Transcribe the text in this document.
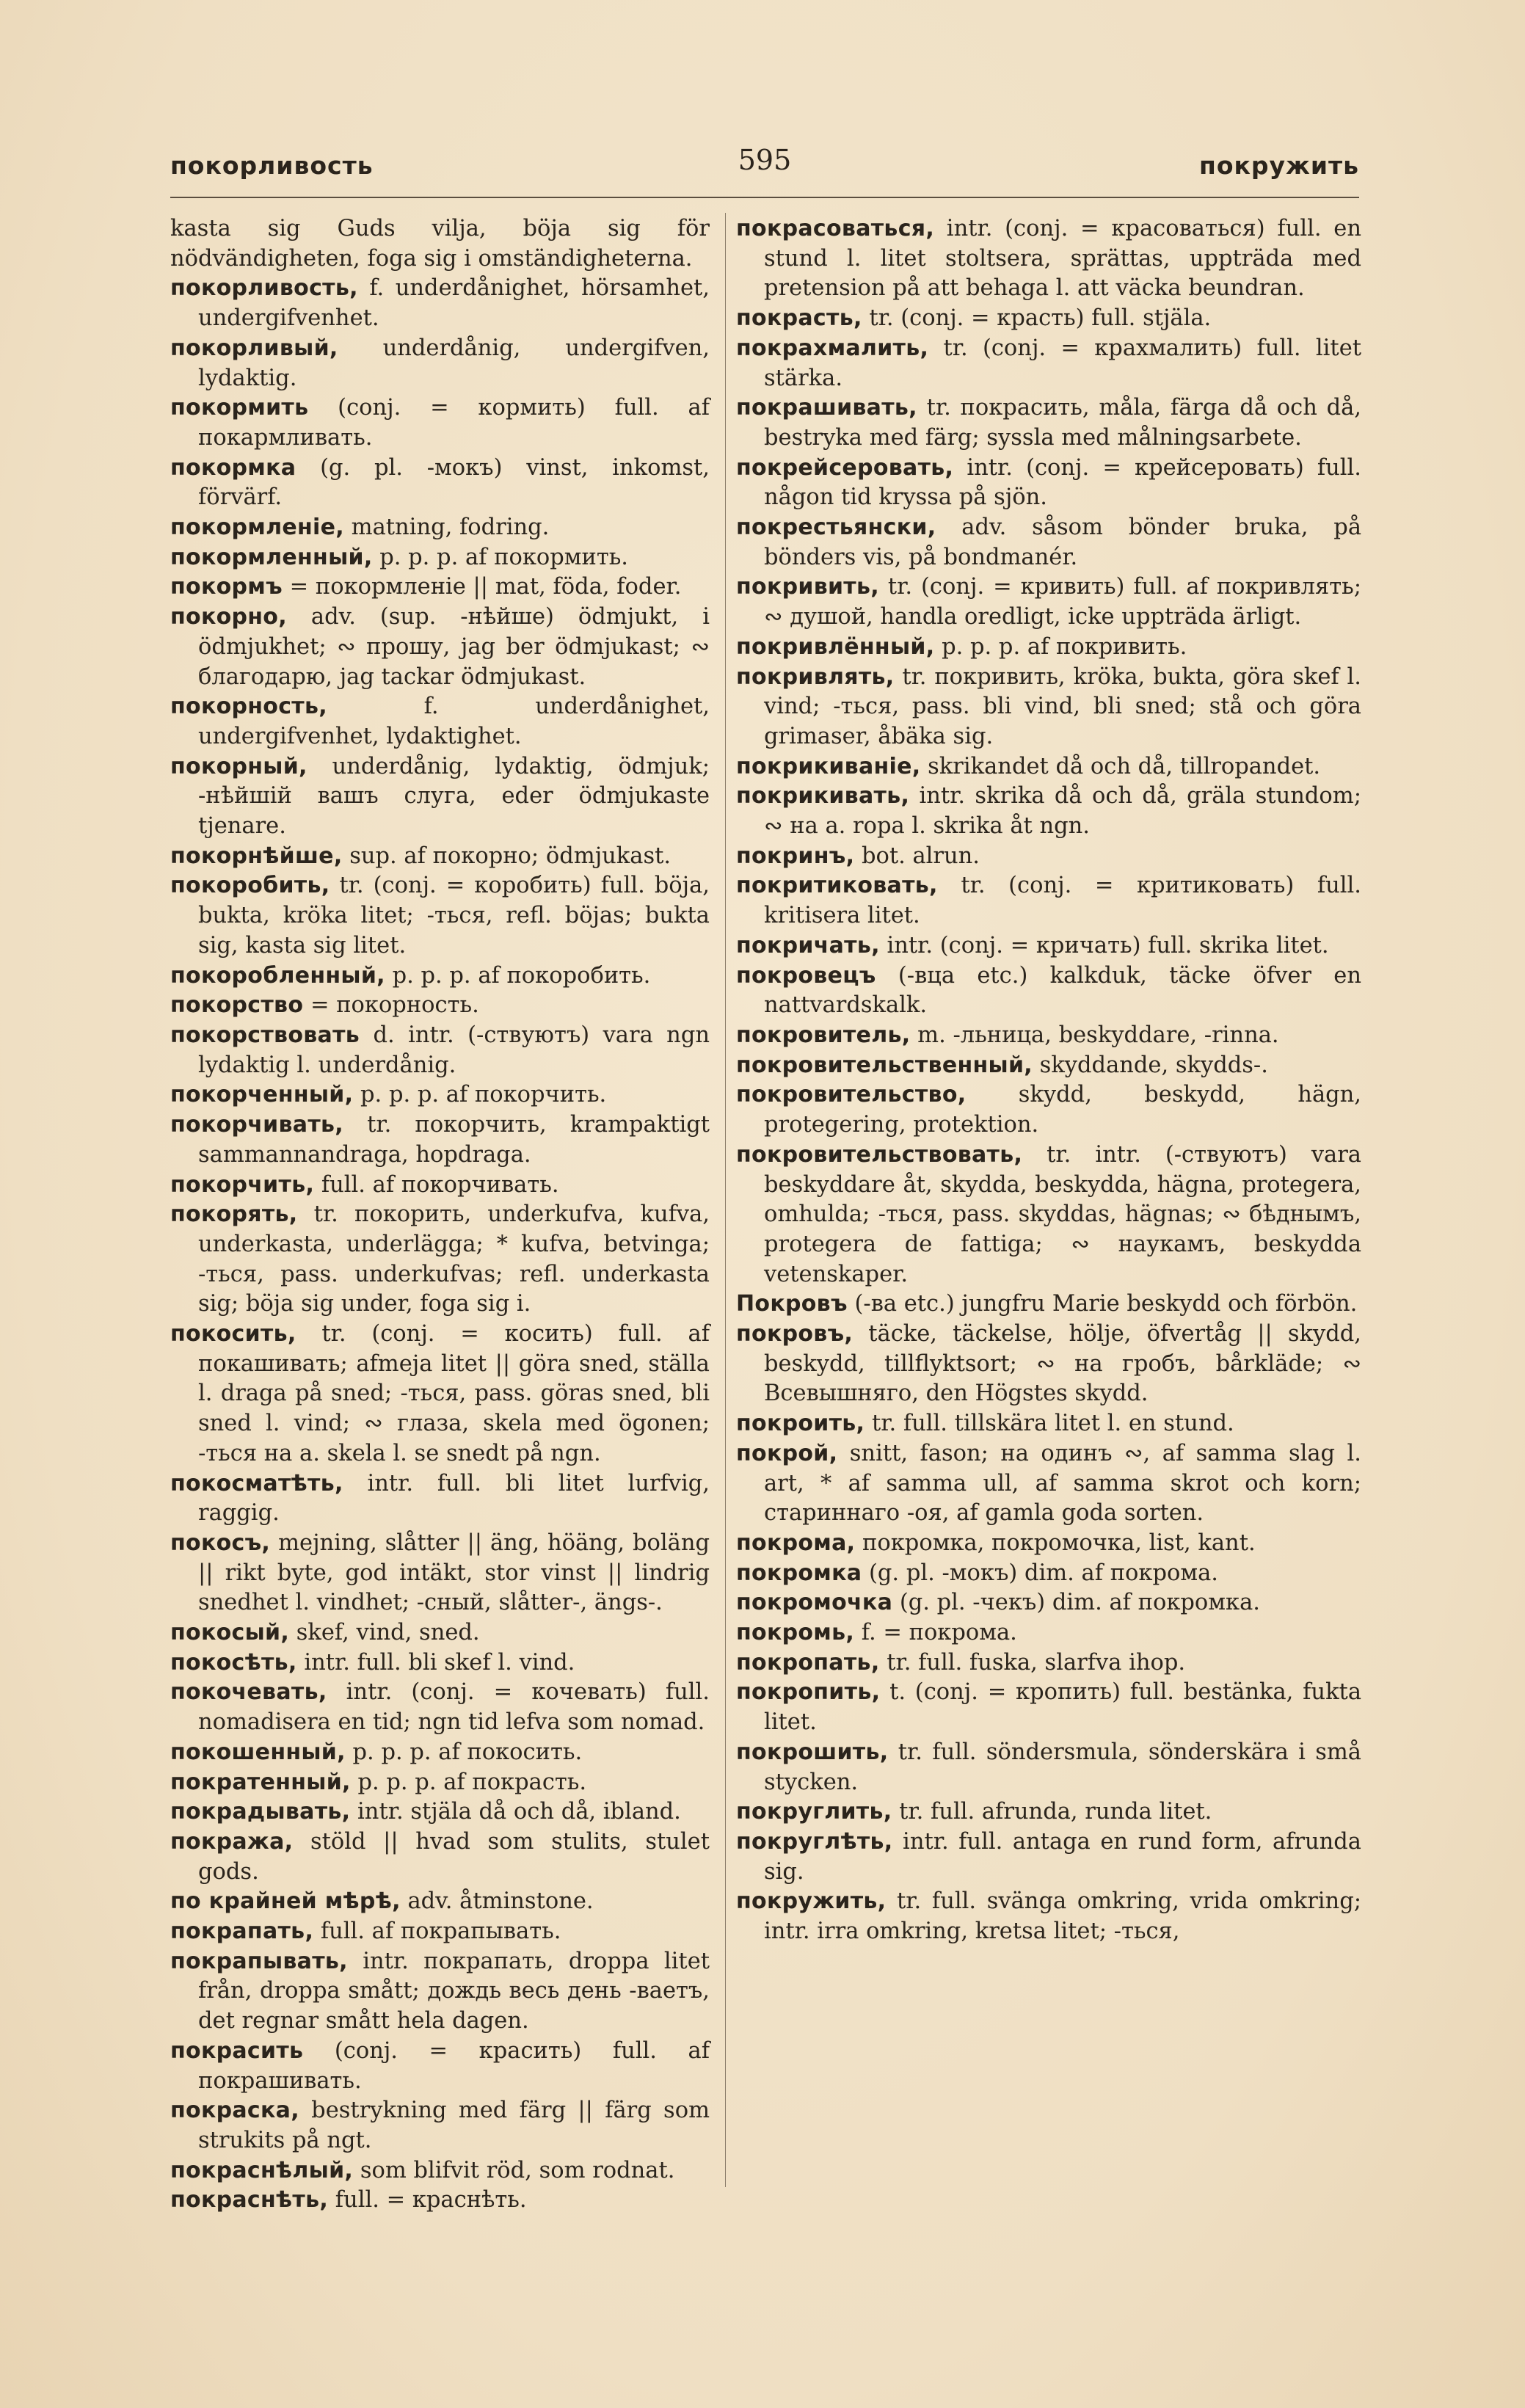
покорливость	595	покружить

kasta sig Guds vilja, böja sig för nödvändigheten, foga sig i omständigheterna.

покорливость, f. underdånighet, hörsamhet, undergifvenhet.

покорливый, underdånig, undergifven, lydaktig.

покормить (conj. = кормить) full. af покармливать.

покормка (g. pl. -мокъ) vinst, inkomst, förvärf.

покормленіе, matning, fodring.

покормленный, p. p. p. af покормить.

покормъ = покормленіе || mat, föda, foder.

покорно, adv. (sup. -нѣйше) ödmjukt, i ödmjukhet; ∾ прошу, jag ber ödmjukast; ∾ благодарю, jag tackar ödmjukast.

покорность, f. underdånighet, undergifvenhet, lydaktighet.

покорный, underdånig, lydaktig, ödmjuk; -нѣйшій вашъ слуга, eder ödmjukaste tjenare.

покорнѣйше, sup. af покорно; ödmjukast.

покоробить, tr. (conj. = коробить) full. böja, bukta, kröka litet; -ться, refl. böjas; bukta sig, kasta sig litet.

покоробленный, p. p. p. af покоробить.

покорство = покорность.

покорствовать d. intr. (-ствуютъ) vara ngn lydaktig l. underdånig.

покорченный, p. p. p. af покорчить.

покорчивать, tr. покорчить, krampaktigt sammannandraga, hopdraga.

покорчить, full. af покорчивать.

покорять, tr. покорить, underkufva, kufva, underkasta, underlägga; * kufva, betvinga; -ться, pass. underkufvas; refl. underkasta sig; böja sig under, foga sig i.

покосить, tr. (conj. = косить) full. af покашивать; afmeja litet || göra sned, ställa l. draga på sned; -ться, pass. göras sned, bli sned l. vind; ∾ глаза, skela med ögonen; -ться на a. skela l. se snedt på ngn.

покосматѣть, intr. full. bli litet lurfvig, raggig.

покосъ, mejning, slåtter || äng, höäng, boläng || rikt byte, god intäkt, stor vinst || lindrig snedhet l. vindhet; -сный, slåtter-, ängs-.

покосый, skef, vind, sned.

покосѣть, intr. full. bli skef l. vind.

покочевать, intr. (conj. = кочевать) full. nomadisera en tid; ngn tid lefva som nomad.

покошенный, p. p. p. af покосить.

пократенный, p. p. p. af покрасть.

покрадывать, intr. stjäla då och då, ibland.

покража, stöld || hvad som stulits, stulet gods.

по крайней мѣрѣ, adv. åtminstone.

покрапать, full. af покрапывать.

покрапывать, intr. покрапать, droppa litet från, droppa smått; дождь весь день -ваетъ, det regnar smått hela dagen.

покрасить (conj. = красить) full. af покрашивать.

покраска, bestrykning med färg || färg som strukits på ngt.

покраснѣлый, som blifvit röd, som rodnat.

покраснѣть, full. = краснѣть.

покрасоваться, intr. (conj. = красоваться) full. en stund l. litet stoltsera, sprättas, uppträda med pretension på att behaga l. att väcka beundran.

покрасть, tr. (conj. = красть) full. stjäla.

покрахмалить, tr. (conj. = крахмалить) full. litet stärka.

покрашивать, tr. покрасить, måla, färga då och då, bestryka med färg; syssla med målningsarbete.

покрейсеровать, intr. (conj. = крейсеровать) full. någon tid kryssa på sjön.

покрестьянски, adv. såsom bönder bruka, på bönders vis, på bondmanér.

покривить, tr. (conj. = кривить) full. af покривлять; ∾ душой, handla oredligt, icke uppträda ärligt.

покривлённый, p. p. p. af покривить.

покривлять, tr. покривить, kröka, bukta, göra skef l. vind; -ться, pass. bli vind, bli sned; stå och göra grimaser, åbäka sig.

покрикиваніе, skrikandet då och då, tillropandet.

покрикивать, intr. skrika då och då, gräla stundom; ∾ на a. ropa l. skrika åt ngn.

покринъ, bot. alrun.

покритиковать, tr. (conj. = критиковать) full. kritisera litet.

покричать, intr. (conj. = кричать) full. skrika litet.

покровецъ (-вца etc.) kalkduk, täcke öfver en nattvardskalk.

покровитель, m. -льница, beskyddare, -rinna.

покровительственный, skyddande, skydds-.

покровительство, skydd, beskydd, hägn, protegering, protektion.

покровительствовать, tr. intr. (-ствуютъ) vara beskyddare åt, skydda, beskydda, hägna, protegera, omhulda; -ться, pass. skyddas, hägnas; ∾ бѣднымъ, protegera de fattiga; ∾ наукамъ, beskydda vetenskaper.

Покровъ (-ва etc.) jungfru Marie beskydd och förbön.

покровъ, täcke, täckelse, hölje, öfvertåg || skydd, beskydd, tillflyktsort; ∾ на гробъ, bårkläde; ∾ Всевышняго, den Högstes skydd.

покроить, tr. full. tillskära litet l. en stund.

покрой, snitt, fason; на одинъ ∾, af samma slag l. art, * af samma ull, af samma skrot och korn; стариннаго -оя, af gamla goda sorten.

покрома, покромка, покромочка, list, kant.

покромка (g. pl. -мокъ) dim. af покрома.

покромочка (g. pl. -чекъ) dim. af покромка.

покромь, f. = покрома.

покропать, tr. full. fuska, slarfva ihop.

покропить, t. (conj. = кропить) full. bestänka, fukta litet.

покрошить, tr. full. söndersmula, sönderskära i små stycken.

покруглить, tr. full. afrunda, runda litet.

покруглѣть, intr. full. antaga en rund form, afrunda sig.

покружить, tr. full. svänga omkring, vrida omkring; intr. irra omkring, kretsa litet; -ться,
